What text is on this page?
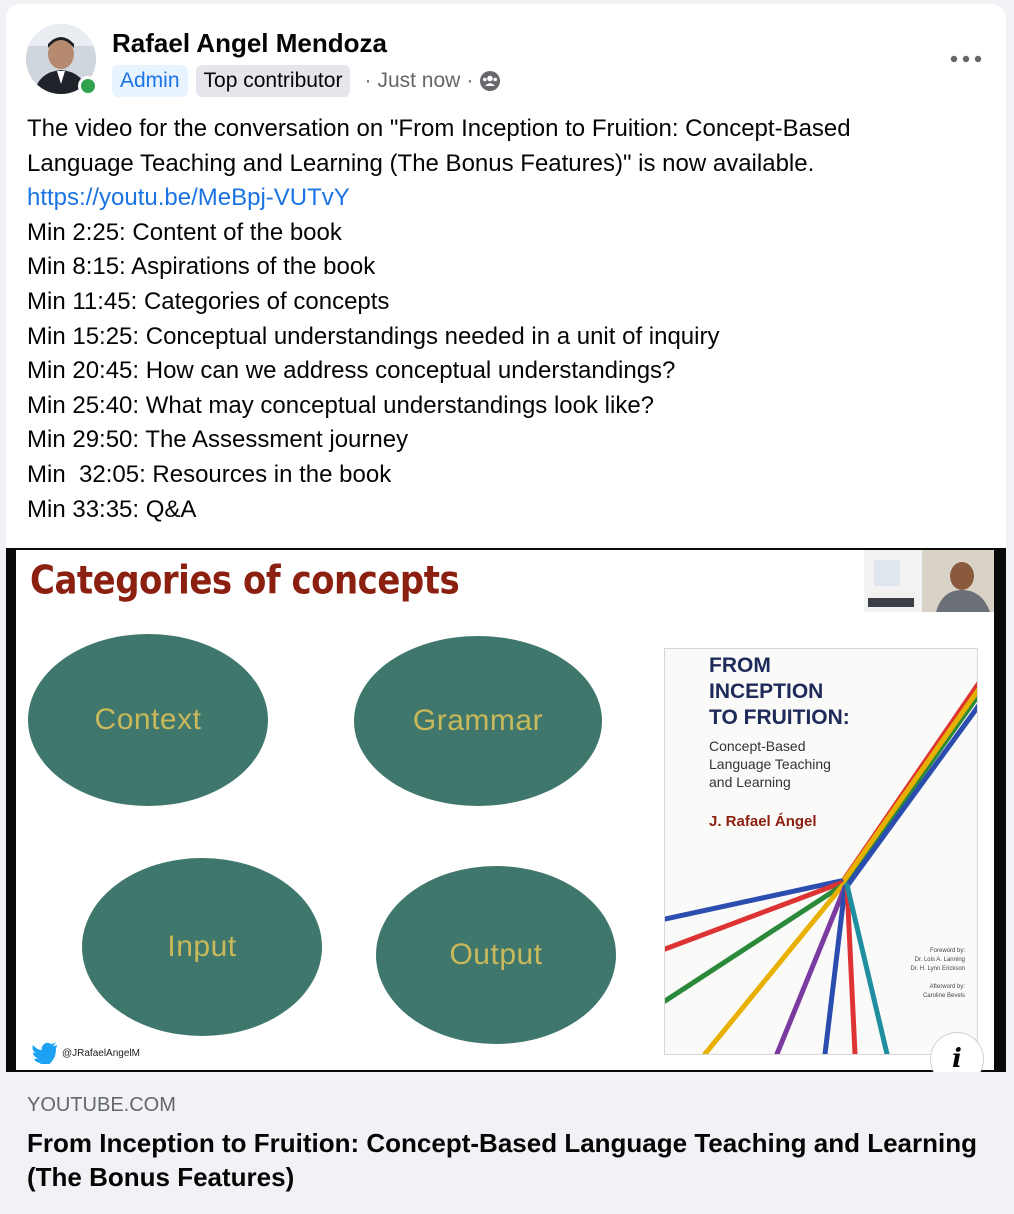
Rafael Angel Mendoza
Admin	Top contributor	· Just now ·

The video for the conversation on "From Inception to Fruition: Concept-Based

Language Teaching and Learning (The Bonus Features)" is now available.

https://youtu.be/MeBpj-VUTvY

Min 2:25: Content of the book

Min 8:15: Aspirations of the book

Min 11:45: Categories of concepts

Min 15:25: Conceptual understandings needed in a unit of inquiry

Min 20:45: How can we address conceptual understandings?

Min 25:40: What may conceptual understandings look like?

Min 29:50: The Assessment journey

Min  32:05: Resources in the book

Min 33:35: Q&A

Categories of concepts
Context	Grammar
Input	Output
FROM
INCEPTION
TO FRUITION:
Concept-Based
Language Teaching
and Learning
J. Rafael Ángel
Foreword by:
Dr. Lois A. Lanning
Dr. H. Lynn Erickson

Afterword by:
Caroline Bevels
@JRafaelAngelM	i
YOUTUBE.COM
From Inception to Fruition: Concept-Based Language Teaching and Learning (The Bonus Features)
